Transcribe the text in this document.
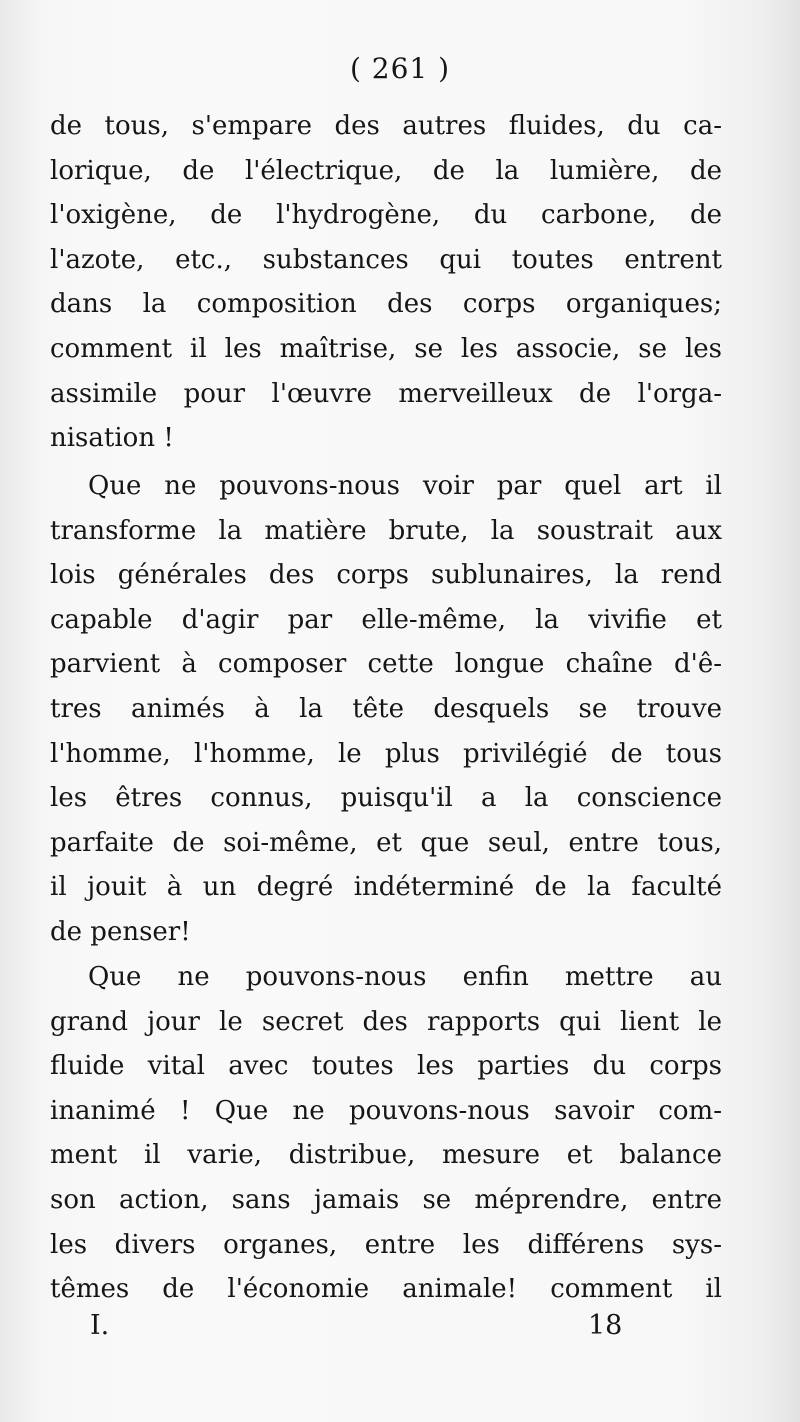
( 261 )
de tous, s'empare des autres fluides, du ca-
lorique, de l'électrique, de la lumière, de
l'oxigène, de l'hydrogène, du carbone, de
l'azote, etc., substances qui toutes entrent
dans la composition des corps organiques;
comment il les maîtrise, se les associe, se les
assimile pour l'œuvre merveilleux de l'orga-
nisation !
Que ne pouvons-nous voir par quel art il
transforme la matière brute, la soustrait aux
lois générales des corps sublunaires, la rend
capable d'agir par elle-même, la vivifie et
parvient à composer cette longue chaîne d'ê-
tres animés à la tête desquels se trouve
l'homme, l'homme, le plus privilégié de tous
les êtres connus, puisqu'il a la conscience
parfaite de soi-même, et que seul, entre tous,
il jouit à un degré indéterminé de la faculté
de penser!
Que ne pouvons-nous enfin mettre au
grand jour le secret des rapports qui lient le
fluide vital avec toutes les parties du corps
inanimé ! Que ne pouvons-nous savoir com-
ment il varie, distribue, mesure et balance
son action, sans jamais se méprendre, entre
les divers organes, entre les différens sys-
têmes de l'économie animale! comment il
I.	18
